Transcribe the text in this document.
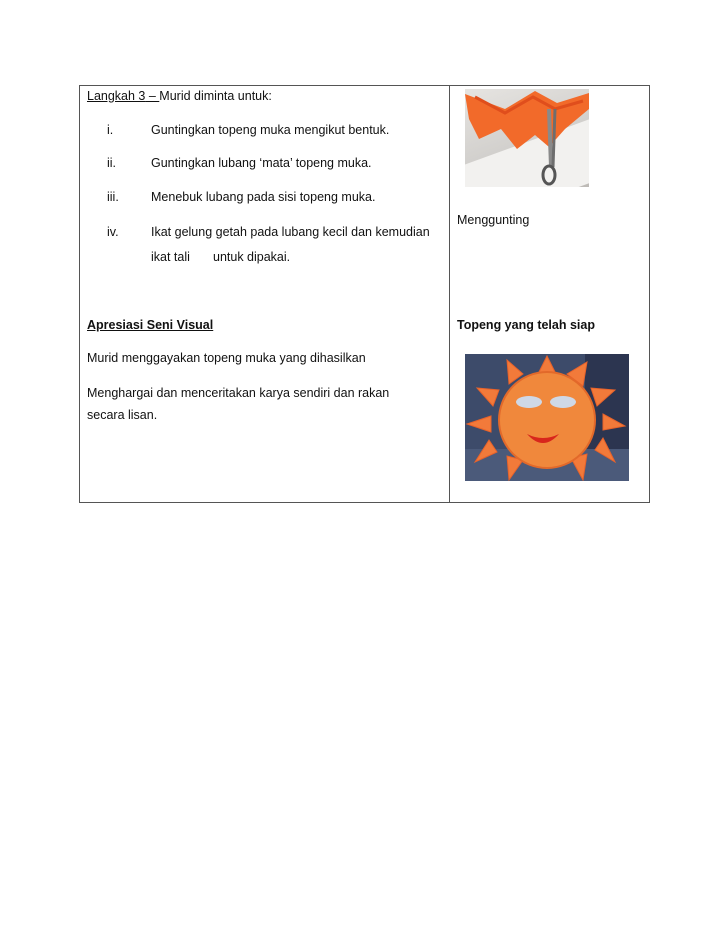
Langkah 3 – Murid diminta untuk:
i.	Guntingkan topeng muka mengikut bentuk.
ii.	Guntingkan lubang ‘mata’ topeng muka.
iii.	Menebuk lubang pada sisi topeng muka.
iv.	Ikat gelung getah pada lubang kecil dan kemudian
ikat tali untuk dipakai.
Apresiasi Seni Visual
Murid menggayakan topeng muka yang dihasilkan
Menghargai dan menceritakan karya sendiri dan rakan
secara lisan.
Menggunting
Topeng yang telah siap
